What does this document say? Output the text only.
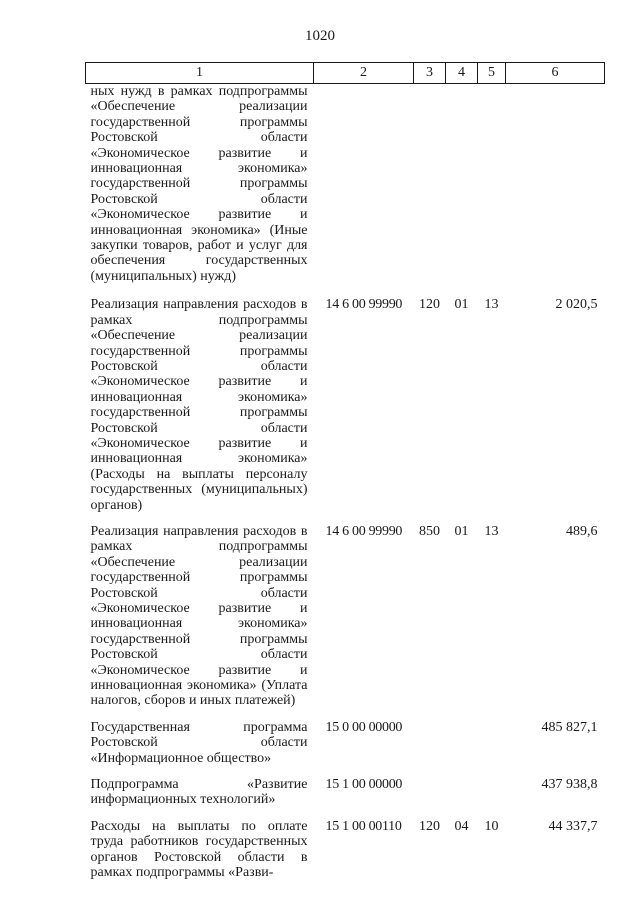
1020
1	2	3	4	5	6
ных нужд в рамках подпрограммы «Обеспечение реализации государственной программы Ростовской области «Экономическое развитие и инновационная экономика» государственной программы Ростовской области «Экономическое развитие и инновационная экономика» (Иные закупки товаров, работ и услуг для обеспечения государственных (муниципальных) нужд)					
Реализация направления расходов в рамках подпрограммы «Обеспечение реализации государственной программы Ростовской области «Экономическое развитие и инновационная экономика» государственной программы Ростовской области «Экономическое развитие и инновационная экономика» (Расходы на выплаты персоналу государственных (муниципальных) органов)	14 6 00 99990	120	01	13	2 020,5
Реализация направления расходов в рамках подпрограммы «Обеспечение реализации государственной программы Ростовской области «Экономическое развитие и инновационная экономика» государственной программы Ростовской области «Экономическое развитие и инновационная экономика» (Уплата налогов, сборов и иных платежей)	14 6 00 99990	850	01	13	489,6
Государственная программа Ростовской области «Информационное общество»	15 0 00 00000				485 827,1
Подпрограмма «Развитие информационных технологий»	15 1 00 00000				437 938,8
Расходы на выплаты по оплате труда работников государственных органов Ростовской области в рамках подпрограммы «Разви-	15 1 00 00110	120	04	10	44 337,7
